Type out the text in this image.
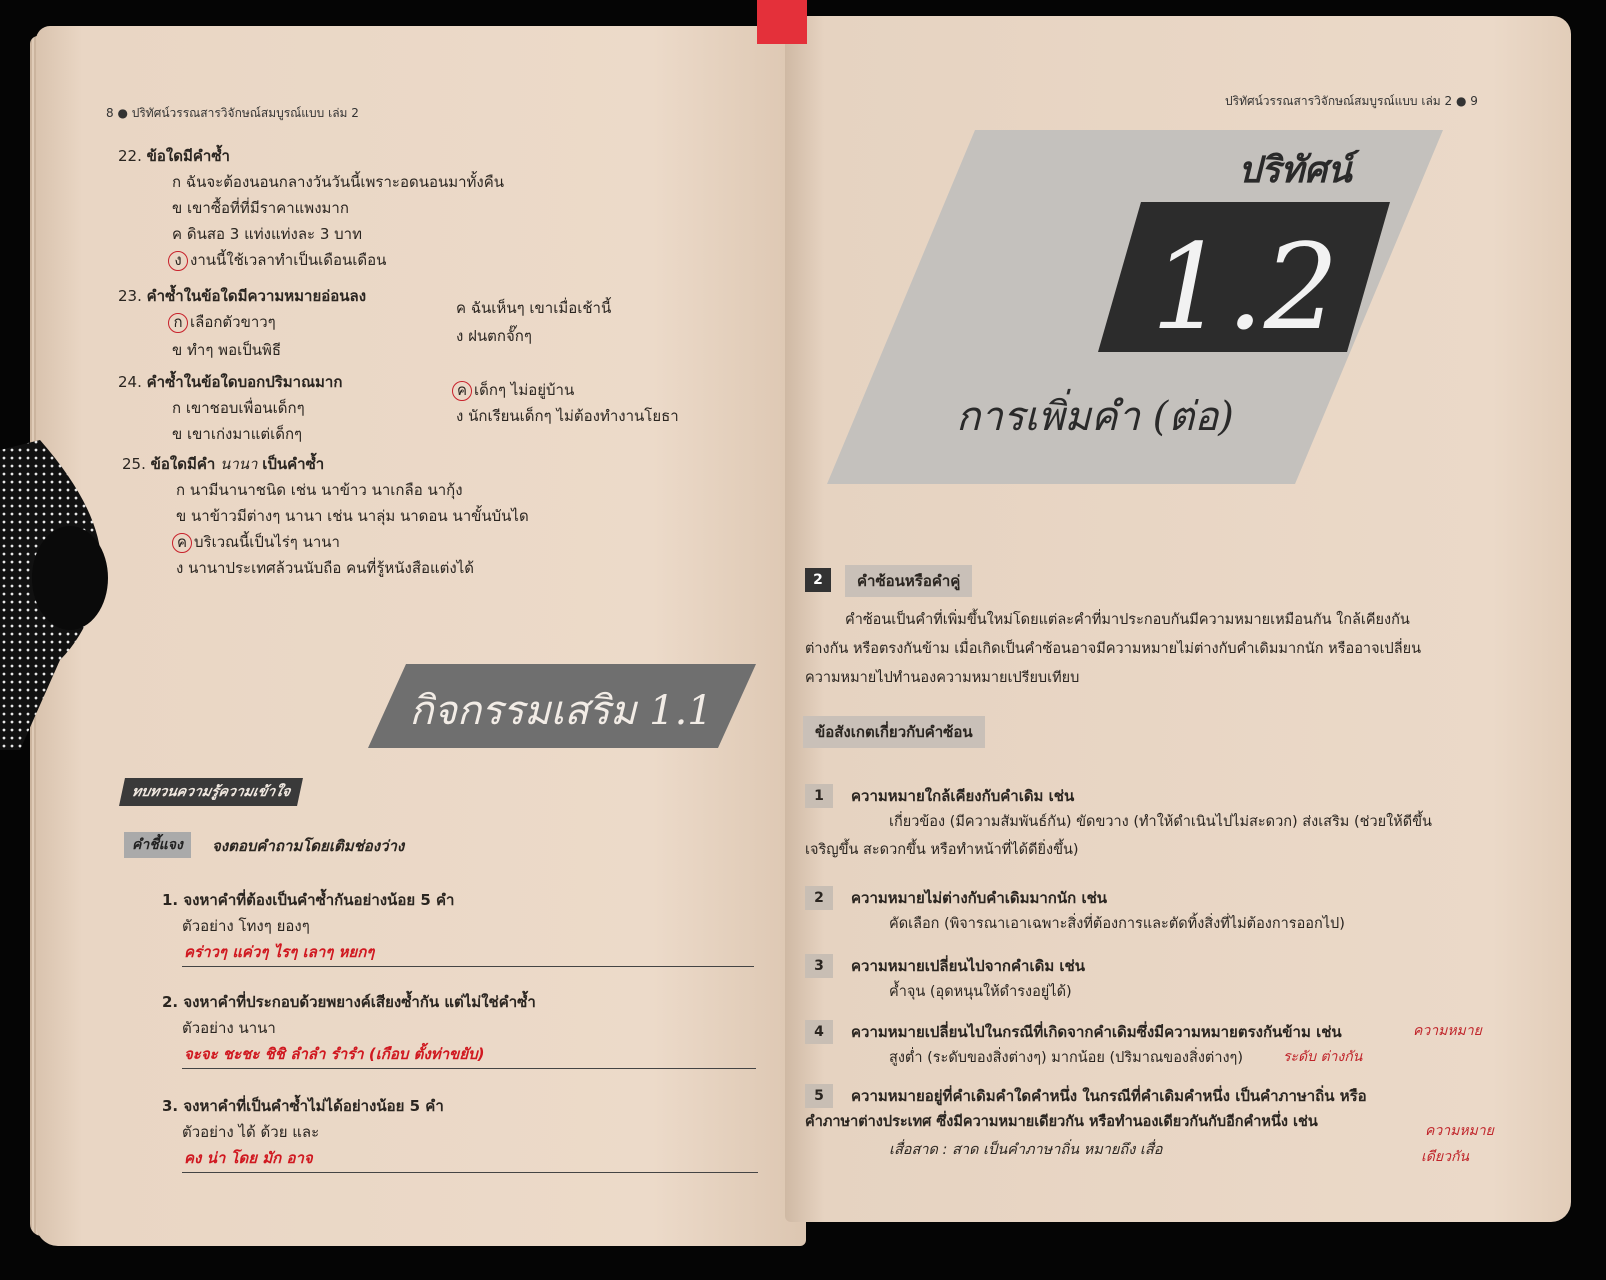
8 ● ปริทัศน์วรรณสารวิจักษณ์สมบูรณ์แบบ เล่ม 2
22. ข้อใดมีคำซ้ำ
ก ฉันจะต้องนอนกลางวันวันนี้เพราะอดนอนมาทั้งคืน
ข เขาซื้อที่ที่มีราคาแพงมาก
ค ดินสอ 3 แท่งแท่งละ 3 บาท
ง งานนี้ใช้เวลาทำเป็นเดือนเดือน
23. คำซ้ำในข้อใดมีความหมายอ่อนลง
ก เลือกตัวขาวๆ
ข ทำๆ พอเป็นพิธี
ค ฉันเห็นๆ เขาเมื่อเช้านี้
ง ฝนตกจั๊กๆ
24. คำซ้ำในข้อใดบอกปริมาณมาก
ก เขาชอบเพื่อนเด็กๆ
ข เขาเก่งมาแต่เด็กๆ
ค เด็กๆ ไม่อยู่บ้าน
ง นักเรียนเด็กๆ ไม่ต้องทำงานโยธา
25. ข้อใดมีคำ นานา เป็นคำซ้ำ
ก นามีนานาชนิด เช่น นาข้าว นาเกลือ นากุ้ง
ข นาข้าวมีต่างๆ นานา เช่น นาลุ่ม นาดอน นาขั้นบันได
ค บริเวณนี้เป็นไร่ๆ นานา
ง นานาประเทศล้วนนับถือ คนที่รู้หนังสือแต่งได้
กิจกรรมเสริม 1.1
ทบทวนความรู้ความเข้าใจ
คำชี้แจง	จงตอบคำถามโดยเติมช่องว่าง
1. จงหาคำที่ต้องเป็นคำซ้ำกันอย่างน้อย 5 คำ
ตัวอย่าง โทงๆ ยองๆ
คร่าวๆ แค่วๆ ไรๆ เลาๆ หยกๆ
2. จงหาคำที่ประกอบด้วยพยางค์เสียงซ้ำกัน แต่ไม่ใช่คำซ้ำ
ตัวอย่าง นานา
จะจะ ชะชะ ชิชิ ลำลำ รำรำ (เกือบ ตั้งท่าขยับ)
3. จงหาคำที่เป็นคำซ้ำไม่ได้อย่างน้อย 5 คำ
ตัวอย่าง ได้ ด้วย และ
คง น่า โดย มัก อาจ
ปริทัศน์วรรณสารวิจักษณ์สมบูรณ์แบบ เล่ม 2 ● 9
ปริทัศน์
1.2
การเพิ่มคำ (ต่อ)
2	คำซ้อนหรือคำคู่
คำซ้อนเป็นคำที่เพิ่มขึ้นใหม่โดยแต่ละคำที่มาประกอบกันมีความหมายเหมือนกัน ใกล้เคียงกัน
ต่างกัน หรือตรงกันข้าม เมื่อเกิดเป็นคำซ้อนอาจมีความหมายไม่ต่างกับคำเดิมมากนัก หรืออาจเปลี่ยน
ความหมายไปทำนองความหมายเปรียบเทียบ
ข้อสังเกตเกี่ยวกับคำซ้อน
1	ความหมายใกล้เคียงกับคำเดิม เช่น
เกี่ยวข้อง (มีความสัมพันธ์กัน) ขัดขวาง (ทำให้ดำเนินไปไม่สะดวก) ส่งเสริม (ช่วยให้ดีขึ้น
เจริญขึ้น สะดวกขึ้น หรือทำหน้าที่ได้ดียิ่งขึ้น)
2	ความหมายไม่ต่างกับคำเดิมมากนัก เช่น
คัดเลือก (พิจารณาเอาเฉพาะสิ่งที่ต้องการและตัดทิ้งสิ่งที่ไม่ต้องการออกไป)
3	ความหมายเปลี่ยนไปจากคำเดิม เช่น
ค้ำจุน (อุดหนุนให้ดำรงอยู่ได้)
4	ความหมายเปลี่ยนไปในกรณีที่เกิดจากคำเดิมซึ่งมีความหมายตรงกันข้าม เช่น
สูงต่ำ (ระดับของสิ่งต่างๆ) มากน้อย (ปริมาณของสิ่งต่างๆ)
5	ความหมายอยู่ที่คำเดิมคำใดคำหนึ่ง ในกรณีที่คำเดิมคำหนึ่ง เป็นคำภาษาถิ่น หรือ
คำภาษาต่างประเทศ ซึ่งมีความหมายเดียวกัน หรือทำนองเดียวกันกับอีกคำหนึ่ง เช่น
เสื่อสาด : สาด เป็นคำภาษาถิ่น หมายถึง เสื่อ
ความหมาย
ระดับ ต่างกัน
ความหมาย
เดียวกัน
